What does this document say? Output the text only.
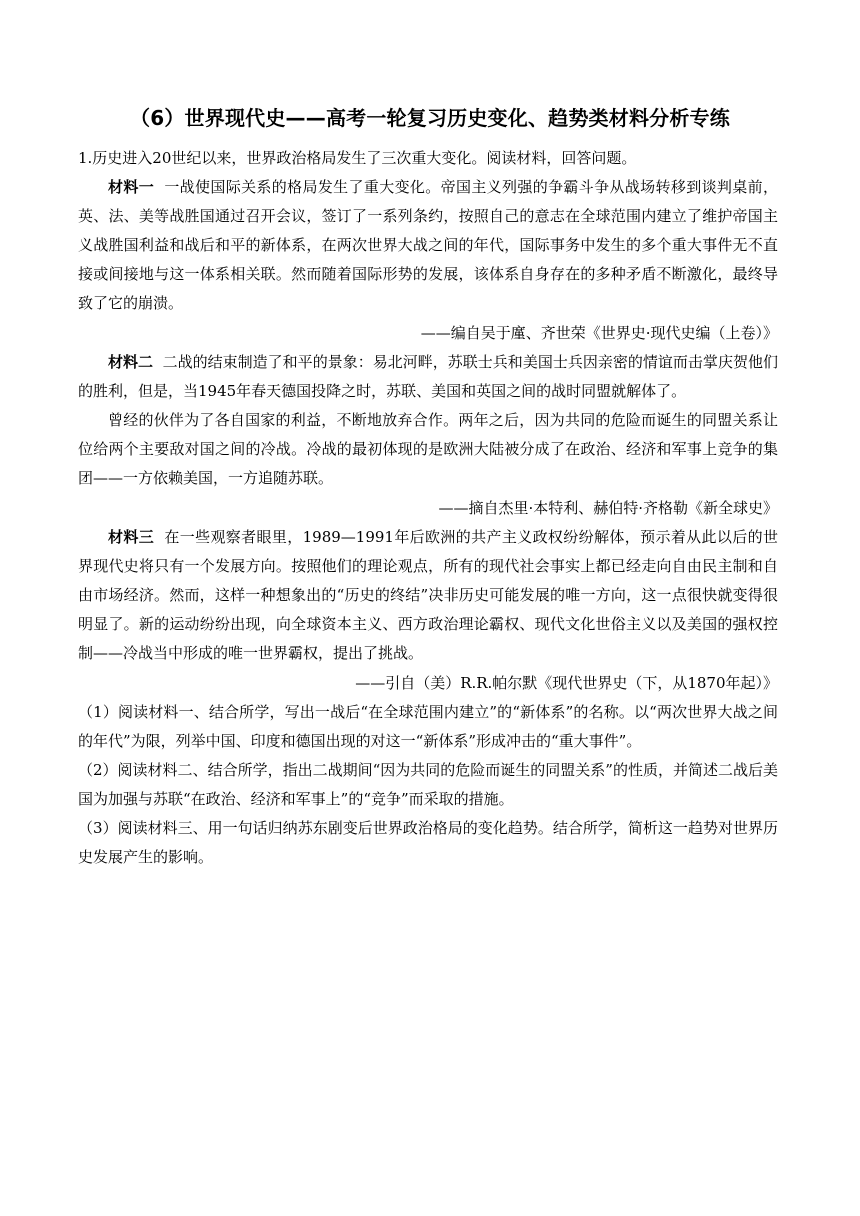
（6）世界现代史——高考一轮复习历史变化、趋势类材料分析专练

1.历史进入20世纪以来，世界政治格局发生了三次重大变化。阅读材料，回答问题。

材料一 一战使国际关系的格局发生了重大变化。帝国主义列强的争霸斗争从战场转移到谈判桌前，英、法、美等战胜国通过召开会议，签订了一系列条约，按照自己的意志在全球范围内建立了维护帝国主义战胜国利益和战后和平的新体系，在两次世界大战之间的年代，国际事务中发生的多个重大事件无不直接或间接地与这一体系相关联。然而随着国际形势的发展，该体系自身存在的多种矛盾不断激化，最终导致了它的崩溃。

——编自吴于廑、齐世荣《世界史·现代史编（上卷）》

材料二 二战的结束制造了和平的景象：易北河畔，苏联士兵和美国士兵因亲密的情谊而击掌庆贺他们的胜利，但是，当1945年春天德国投降之时，苏联、美国和英国之间的战时同盟就解体了。

曾经的伙伴为了各自国家的利益，不断地放弃合作。两年之后，因为共同的危险而诞生的同盟关系让位给两个主要敌对国之间的冷战。冷战的最初体现的是欧洲大陆被分成了在政治、经济和军事上竞争的集团——一方依赖美国，一方追随苏联。

——摘自杰里·本特利、赫伯特·齐格勒《新全球史》

材料三 在一些观察者眼里，1989—1991年后欧洲的共产主义政权纷纷解体，预示着从此以后的世界现代史将只有一个发展方向。按照他们的理论观点，所有的现代社会事实上都已经走向自由民主制和自由市场经济。然而，这样一种想象出的“历史的终结”决非历史可能发展的唯一方向，这一点很快就变得很明显了。新的运动纷纷出现，向全球资本主义、西方政治理论霸权、现代文化世俗主义以及美国的强权控制——冷战当中形成的唯一世界霸权，提出了挑战。

——引自（美）R.R.帕尔默《现代世界史（下，从1870年起）》

（1）阅读材料一、结合所学，写出一战后“在全球范围内建立”的“新体系”的名称。以“两次世界大战之间的年代”为限，列举中国、印度和德国出现的对这一“新体系”形成冲击的“重大事件”。

（2）阅读材料二、结合所学，指出二战期间“因为共同的危险而诞生的同盟关系”的性质，并简述二战后美国为加强与苏联“在政治、经济和军事上”的“竞争”而采取的措施。

（3）阅读材料三、用一句话归纳苏东剧变后世界政治格局的变化趋势。结合所学，简析这一趋势对世界历史发展产生的影响。
